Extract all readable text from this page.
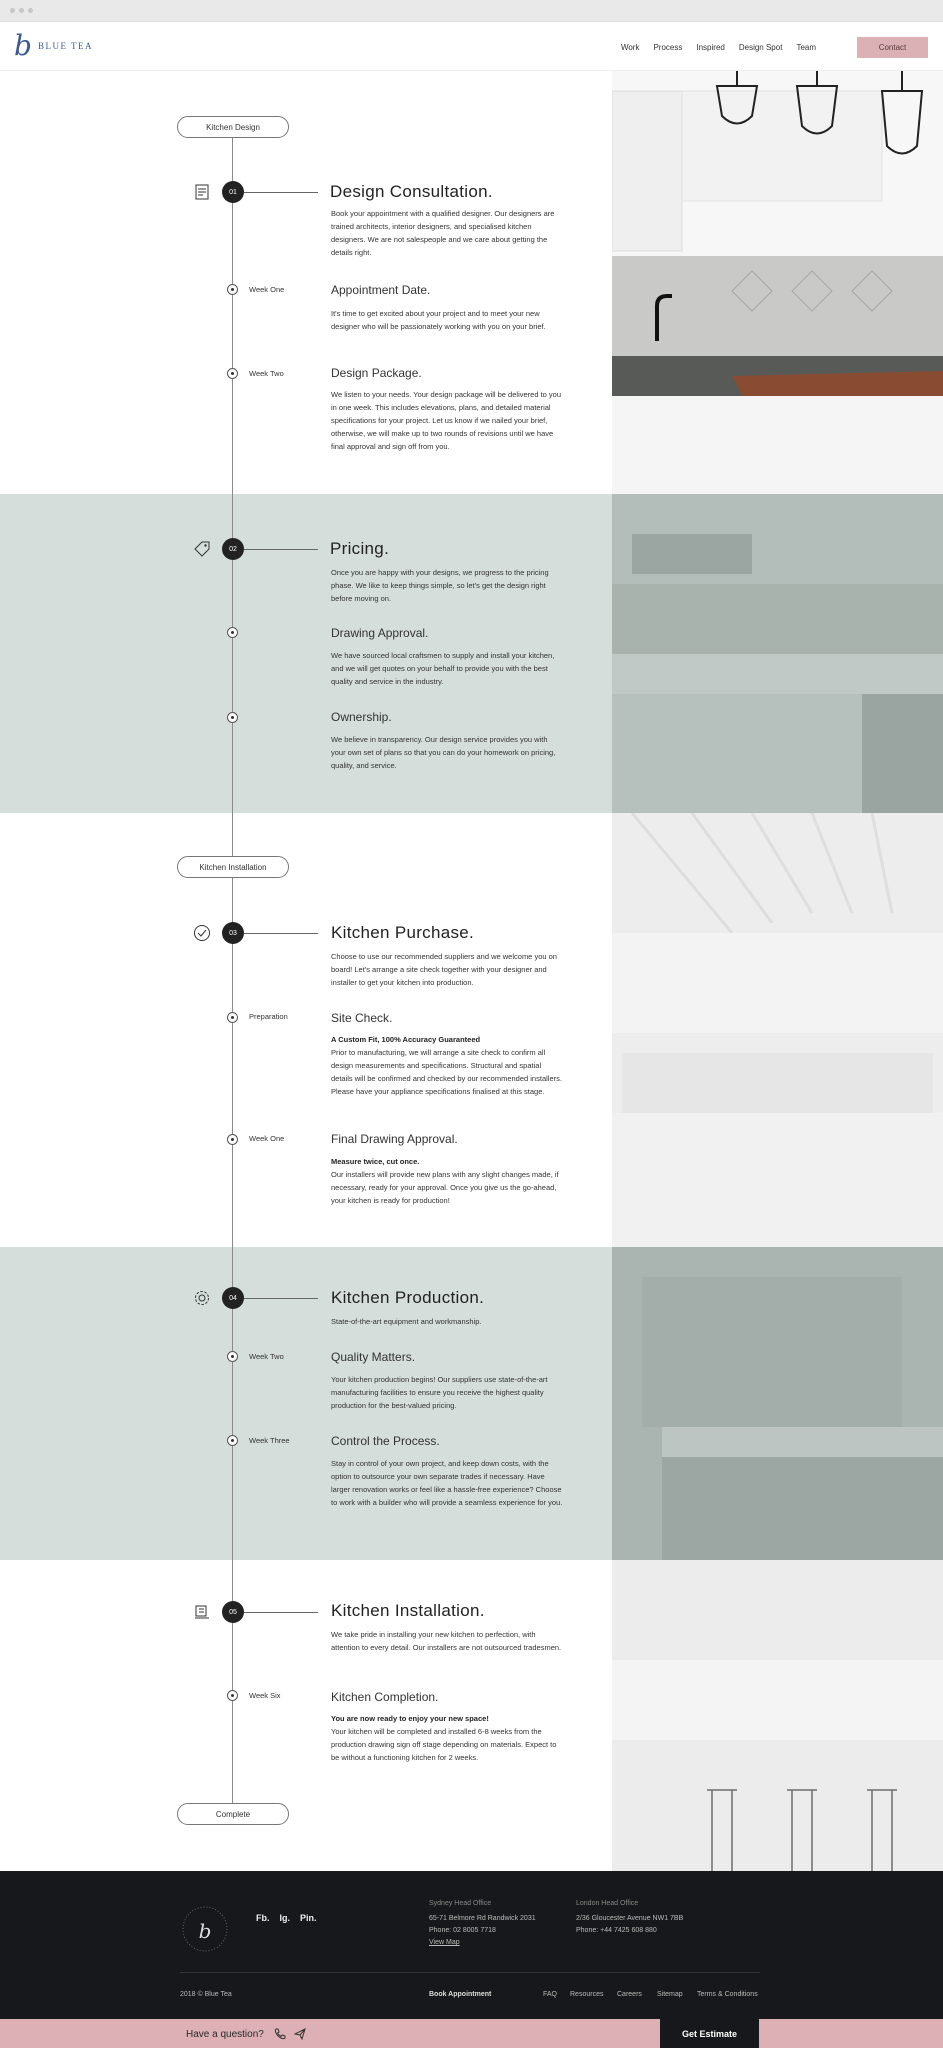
b BLUE TEA	Work Process Inspired Design Spot Team	Contact
Kitchen Design
Kitchen Installation
Complete
01	Design Consultation.
Book your appointment with a qualified designer. Our designers are trained architects, interior designers, and specialised kitchen designers. We are not salespeople and we care about getting the details right.
Week One	Appointment Date.
It's time to get excited about your project and to meet your new designer who will be passionately working with you on your brief.
Week Two	Design Package.
We listen to your needs. Your design package will be delivered to you in one week. This includes elevations, plans, and detailed material specifications for your project. Let us know if we nailed your brief, otherwise, we will make up to two rounds of revisions until we have final approval and sign off from you.
02	Pricing.
Once you are happy with your designs, we progress to the pricing phase. We like to keep things simple, so let's get the design right before moving on.
Drawing Approval.
We have sourced local craftsmen to supply and install your kitchen, and we will get quotes on your behalf to provide you with the best quality and service in the industry.
Ownership.
We believe in transparency. Our design service provides you with your own set of plans so that you can do your homework on pricing, quality, and service.
03	Kitchen Purchase.
Choose to use our recommended suppliers and we welcome you on board! Let's arrange a site check together with your designer and installer to get your kitchen into production.
Preparation	Site Check.
A Custom Fit, 100% Accuracy Guaranteed
Prior to manufacturing, we will arrange a site check to confirm all design measurements and specifications. Structural and spatial details will be confirmed and checked by our recommended installers. Please have your appliance specifications finalised at this stage.
Week One	Final Drawing Approval.
Measure twice, cut once.
Our installers will provide new plans with any slight changes made, if necessary, ready for your approval. Once you give us the go-ahead, your kitchen is ready for production!
04	Kitchen Production.
State-of-the-art equipment and workmanship.
Week Two	Quality Matters.
Your kitchen production begins! Our suppliers use state-of-the-art manufacturing facilities to ensure you receive the highest quality production for the best-valued pricing.
Week Three	Control the Process.
Stay in control of your own project, and keep down costs, with the option to outsource your own separate trades if necessary. Have larger renovation works or feel like a hassle-free experience? Choose to work with a builder who will provide a seamless experience for you.
05	Kitchen Installation.
We take pride in installing your new kitchen to perfection, with attention to every detail. Our installers are not outsourced tradesmen.
Week Six	Kitchen Completion.
You are now ready to enjoy your new space!
Your kitchen will be completed and installed 6-8 weeks from the production drawing sign off stage depending on materials. Expect to be without a functioning kitchen for 2 weeks.
b
Fb. Ig. Pin.
Sydney Head Office
65-71 Belmore Rd Randwick 2031
Phone: 02 8005 7718
View Map
London Head Office
2/36 Gloucester Avenue NW1 7BB
Phone: +44 7425 608 880
2018 © Blue Tea	Book Appointment	FAQ Resources Careers Sitemap Terms & Conditions
Have a question?	Get Estimate
